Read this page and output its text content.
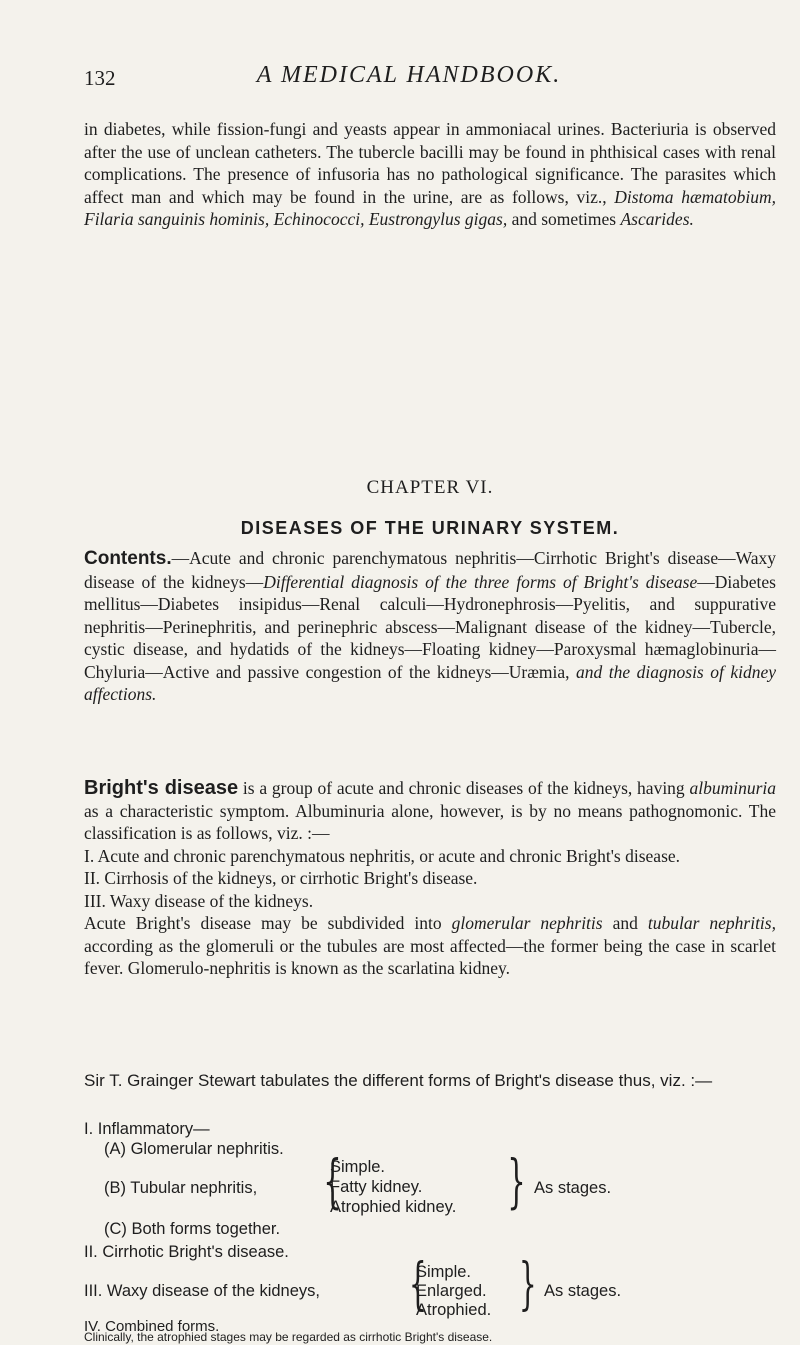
132	A MEDICAL HANDBOOK.

in diabetes, while fission-fungi and yeasts appear in ammoniacal urines. Bacteriuria is observed after the use of unclean catheters. The tubercle bacilli may be found in phthisical cases with renal complications. The presence of infusoria has no pathological significance. The parasites which affect man and which may be found in the urine, are as follows, viz., Distoma hæmatobium, Filaria sanguinis hominis, Echinococci, Eustrongylus gigas, and sometimes Ascarides.

CHAPTER VI.
DISEASES OF THE URINARY SYSTEM.

Contents.—Acute and chronic parenchymatous nephritis—Cirrhotic Bright's disease—Waxy disease of the kidneys—Differential diagnosis of the three forms of Bright's disease—Diabetes mellitus—Diabetes insipidus—Renal calculi—Hydronephrosis—Pyelitis, and suppurative nephritis—Perinephritis, and perinephric abscess—Malignant disease of the kidney—Tubercle, cystic disease, and hydatids of the kidneys—Floating kidney—Paroxysmal hæmaglobinuria—Chyluria—Active and passive congestion of the kidneys—Uræmia, and the diagnosis of kidney affections.

Bright's disease is a group of acute and chronic diseases of the kidneys, having albuminuria as a characteristic symptom. Albuminuria alone, however, is by no means pathognomonic. The classification is as follows, viz. :—

I. Acute and chronic parenchymatous nephritis, or acute and chronic Bright's disease.

II. Cirrhosis of the kidneys, or cirrhotic Bright's disease.

III. Waxy disease of the kidneys.

Acute Bright's disease may be subdivided into glomerular nephritis and tubular nephritis, according as the glomeruli or the tubules are most affected—the former being the case in scarlet fever. Glomerulo-nephritis is known as the scarlatina kidney.

Sir T. Grainger Stewart tabulates the different forms of Bright's disease thus, viz. :—
I. Inflammatory—
(A) Glomerular nephritis.
(B) Tubular nephritis, {
Simple.
Fatty kidney.
Atrophied kidney. } As stages.
(C) Both forms together.
II. Cirrhotic Bright's disease.
III. Waxy disease of the kidneys, {
Simple.
Enlarged.
Atrophied. } As stages.
IV. Combined forms.
Clinically, the atrophied stages may be regarded as cirrhotic Bright's disease.
